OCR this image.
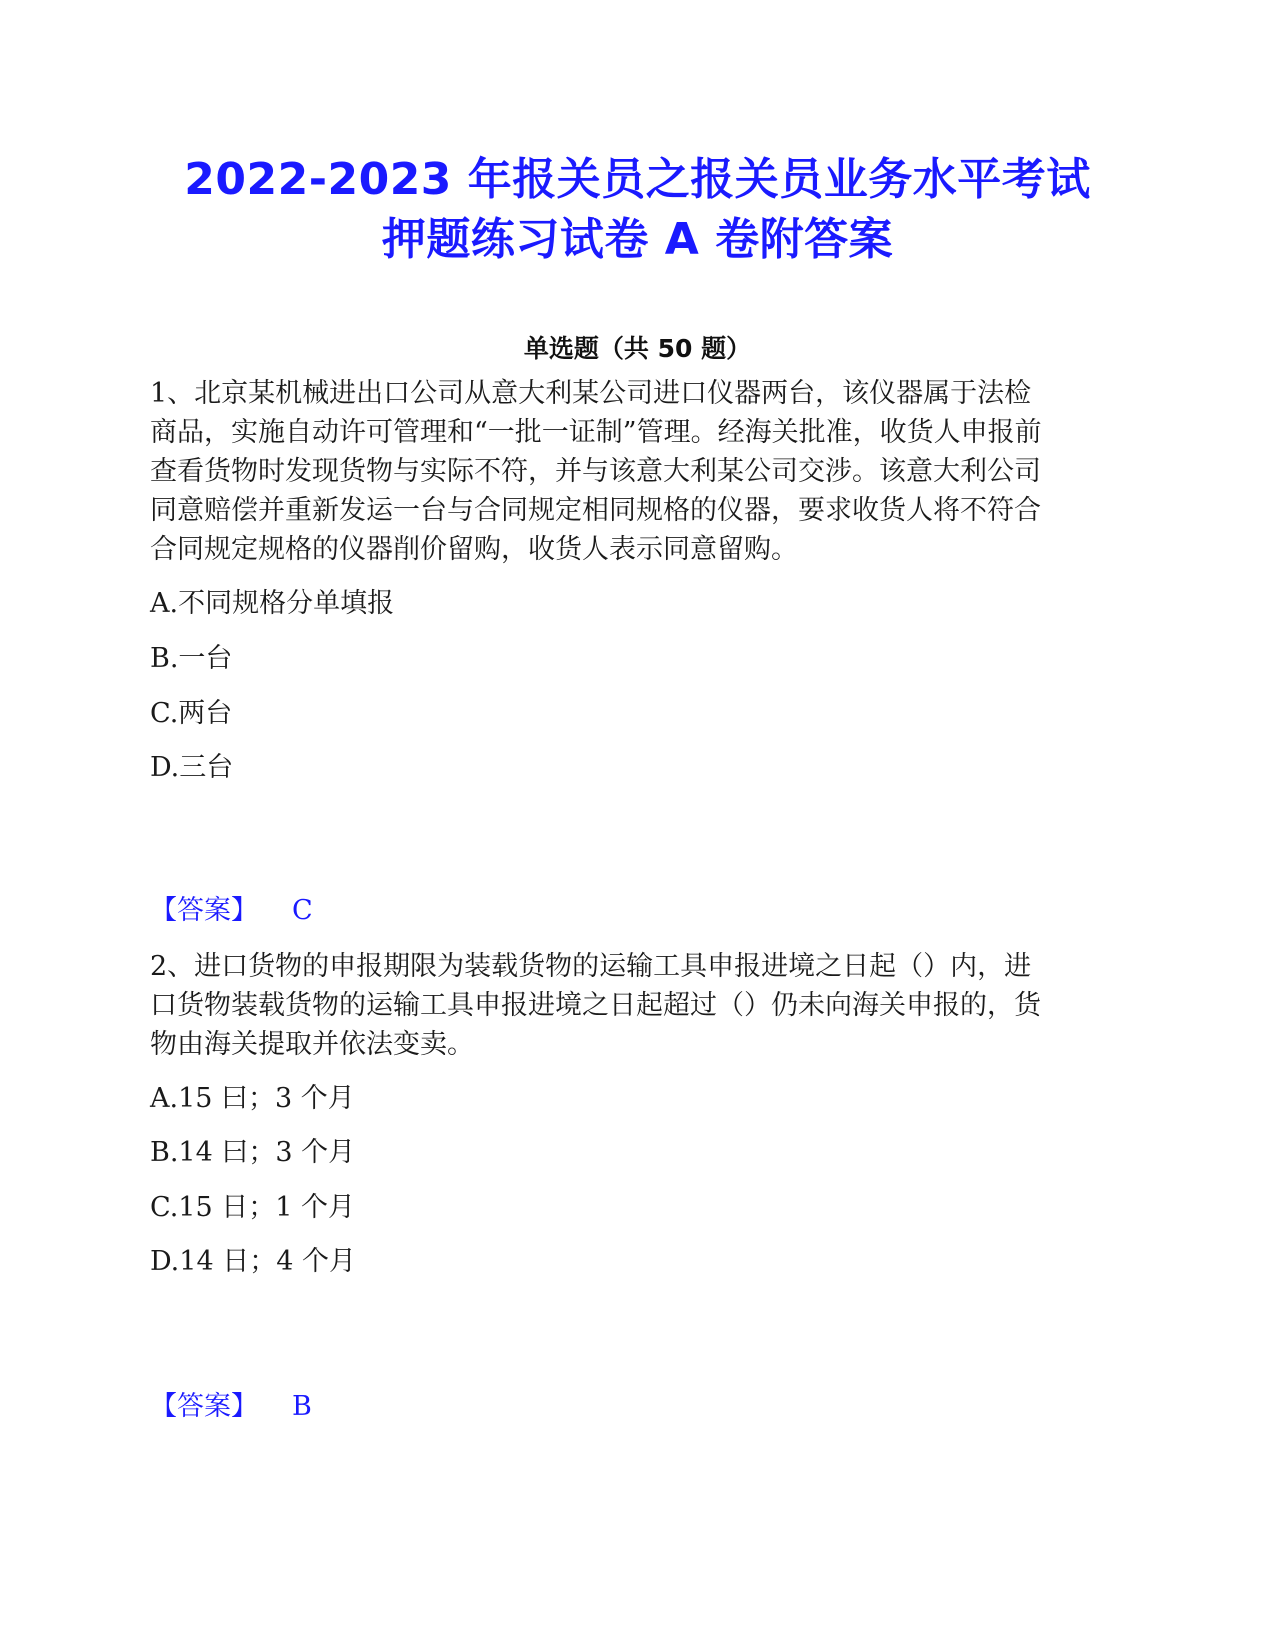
2022-2023 年报关员之报关员业务水平考试
押题练习试卷 A 卷附答案
单选题（共 50 题）
1、北京某机械进出口公司从意大利某公司进口仪器两台，该仪器属于法检
商品，实施自动许可管理和“一批一证制”管理。经海关批准，收货人申报前
查看货物时发现货物与实际不符，并与该意大利某公司交涉。该意大利公司
同意赔偿并重新发运一台与合同规定相同规格的仪器，要求收货人将不符合
合同规定规格的仪器削价留购，收货人表示同意留购。
A.不同规格分单填报
B.一台
C.两台
D.三台
【答案】 C
2、进口货物的申报期限为装载货物的运输工具申报进境之日起（）内，进
口货物装载货物的运输工具申报进境之日起超过（）仍未向海关申报的，货
物由海关提取并依法变卖。
A.15 曰；3 个月
B.14 曰；3 个月
C.15 日；1 个月
D.14 日；4 个月
【答案】 B
